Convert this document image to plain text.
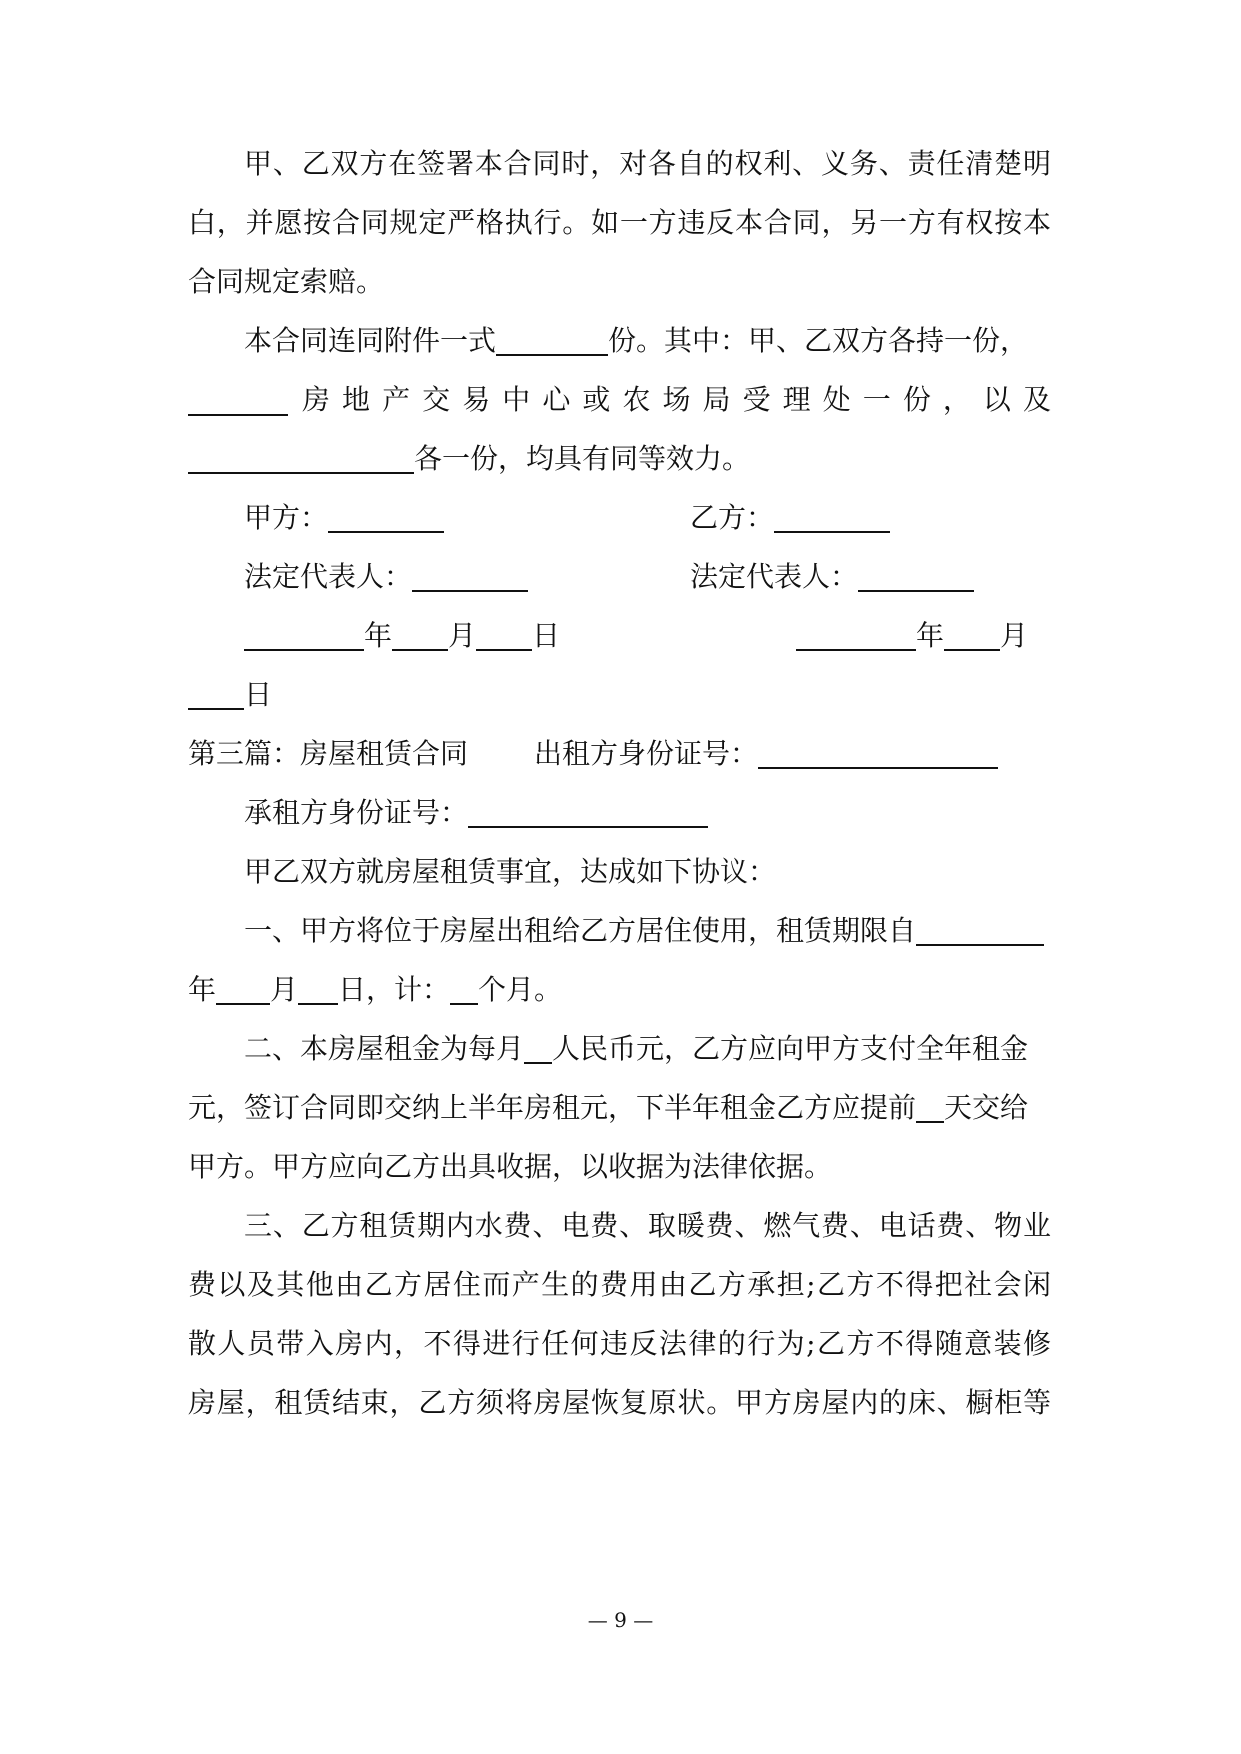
甲、乙双方在签署本合同时，对各自的权利、义务、责任清楚明
白，并愿按合同规定严格执行。如一方违反本合同，另一方有权按本
合同规定索赔。
本合同连同附件一式	份。其中：甲、乙双方各持一份，
房地产交易中心或农场局受理处一份，以及
各一份，均具有同等效力。
甲方：	乙方：
法定代表人：	法定代表人：
年 月 日	年 月
日
第三篇：房屋租赁合同 出租方身份证号：
承租方身份证号：
甲乙双方就房屋租赁事宜，达成如下协议：
一、甲方将位于房屋出租给乙方居住使用，租赁期限自
年 月 日，计： 个月。
二、本房屋租金为每月 人民币元，乙方应向甲方支付全年租金
元，签订合同即交纳上半年房租元，下半年租金乙方应提前 天交给
甲方。甲方应向乙方出具收据，以收据为法律依据。
三、乙方租赁期内水费、电费、取暖费、燃气费、电话费、物业
费以及其他由乙方居住而产生的费用由乙方承担;乙方不得把社会闲
散人员带入房内，不得进行任何违反法律的行为;乙方不得随意装修
房屋，租赁结束，乙方须将房屋恢复原状。甲方房屋内的床、橱柜等
— 9 —
